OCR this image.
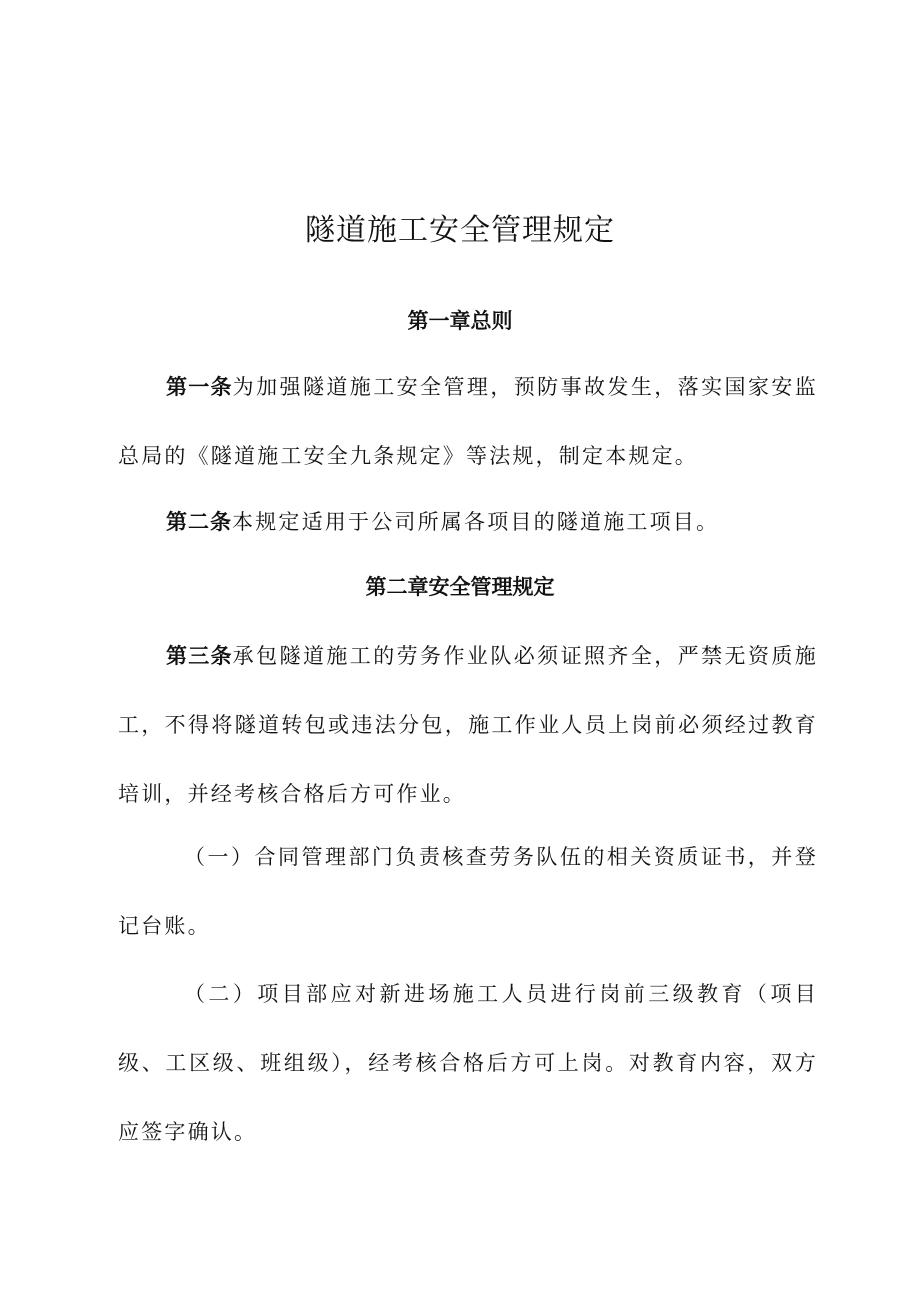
隧道施工安全管理规定
第一章总则

第一条为加强隧道施工安全管理，预防事故发生，落实国家安监总局的《隧道施工安全九条规定》等法规，制定本规定。

第二条本规定适用于公司所属各项目的隧道施工项目。

第二章安全管理规定

第三条承包隧道施工的劳务作业队必须证照齐全，严禁无资质施工，不得将隧道转包或违法分包，施工作业人员上岗前必须经过教育培训，并经考核合格后方可作业。

（一）合同管理部门负责核查劳务队伍的相关资质证书，并登记台账。

（二）项目部应对新进场施工人员进行岗前三级教育（项目级、工区级、班组级），经考核合格后方可上岗。对教育内容，双方应签字确认。
